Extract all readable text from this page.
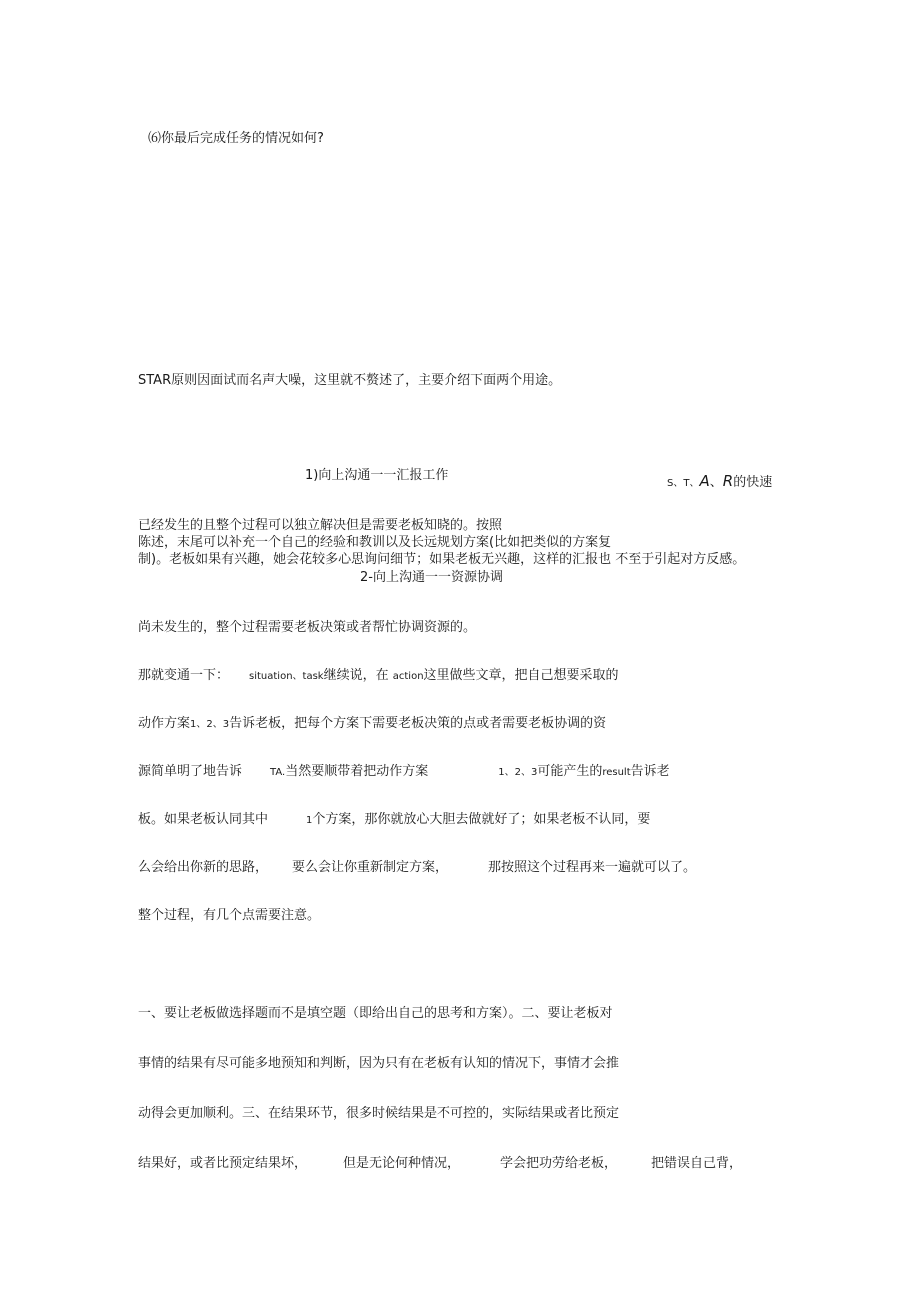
⑹你最后完成任务的情况如何?
STAR原则因面试而名声大噪，这里就不赘述了，主要介绍下面两个用途。
1)向上沟通一一汇报工作
S、T、A、R的快速
已经发生的且整个过程可以独立解决但是需要老板知晓的。按照
陈述，末尾可以补充一个自己的经验和教训以及长远规划方案(比如把类似的方案复
制)。老板如果有兴趣，她会花较多心思询问细节；如果老板无兴趣，这样的汇报也 不至于引起对方反感。
2-向上沟通一一资源协调
尚未发生的，整个过程需要老板决策或者帮忙协调资源的。
那就变通一下： situation、task继续说，在 action这里做些文章，把自己想要采取的
动作方案1、2、3告诉老板，把每个方案下需要老板决策的点或者需要老板协调的资
源简单明了地告诉	TA.当然要顺带着把动作方案	1、2、3可能产生的result告诉老
板。如果老板认同其中	1个方案，那你就放心大胆去做就好了；如果老板不认同，要
么会给出你新的思路， 要么会让你重新制定方案，	那按照这个过程再来一遍就可以了。
整个过程，有几个点需要注意。
一、要让老板做选择题而不是填空题（即给出自己的思考和方案）。二、要让老板对
事情的结果有尽可能多地预知和判断，因为只有在老板有认知的情况下，事情才会推
动得会更加顺利。三、在结果环节，很多时候结果是不可控的，实际结果或者比预定
结果好，或者比预定结果坏，	但是无论何种情况，	学会把功劳给老板，	把错误自己背，
